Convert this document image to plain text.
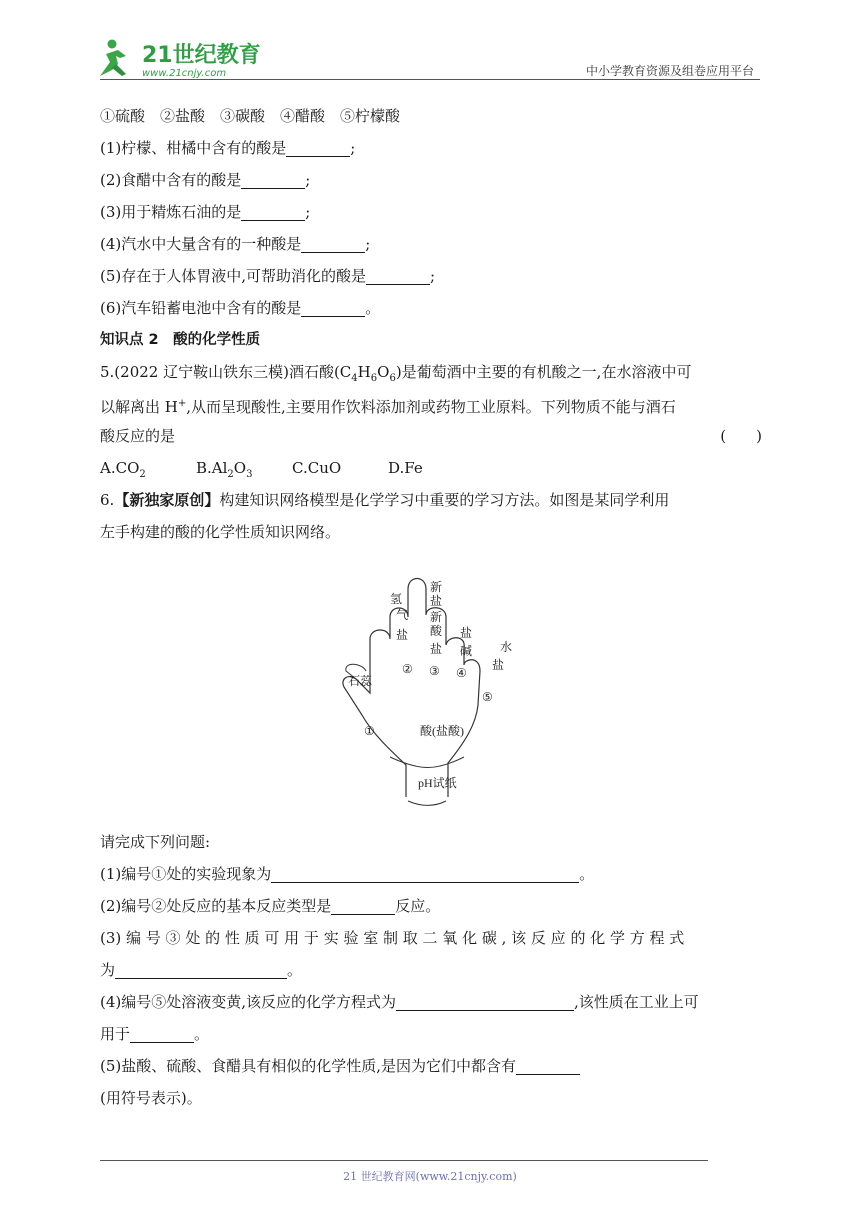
21世纪教育
www.21cnjy.com	中小学教育资源及组卷应用平台
①硫酸　②盐酸　③碳酸　④醋酸　⑤柠檬酸
(1)柠檬、柑橘中含有的酸是	;
(2)食醋中含有的酸是	;
(3)用于精炼石油的是	;
(4)汽水中大量含有的一种酸是	;
(5)存在于人体胃液中,可帮助消化的酸是	;
(6)汽车铅蓄电池中含有的酸是	。
知识点 2　酸的化学性质
5.(2022 辽宁鞍山铁东三模)酒石酸$(C_4H_6O_6)$是葡萄酒中主要的有机酸之一,在水溶液中可
以解离出 H+,从而呈现酸性,主要用作饮料添加剂或药物工业原料。下列物质不能与酒石
酸反应的是	(　　)
$A.CO_2$	$B.Al_2O_3$	C.CuO	D.Fe
6.【新独家原创】构建知识网络模型是化学学习中重要的学习方法。如图是某同学利用
左手构建的酸的化学性质知识网络。
石蕊
①
氢
气
盐
②
新
盐
新
酸
盐
③
盐
碱
④
水
盐
⑤
酸(盐酸)
pH试纸
请完成下列问题:
(1)编号①处的实验现象为	。
(2)编号②处反应的基本反应类型是	反应。
(3) 编 号 ③ 处 的 性 质 可 用 于 实 验 室 制 取 二 氧 化 碳 , 该 反 应 的 化 学 方 程 式
为	。
(4)编号⑤处溶液变黄,该反应的化学方程式为	,该性质在工业上可
用于	。
(5)盐酸、硫酸、食醋具有相似的化学性质,是因为它们中都含有
(用符号表示)。
21 世纪教育网(www.21cnjy.com)
